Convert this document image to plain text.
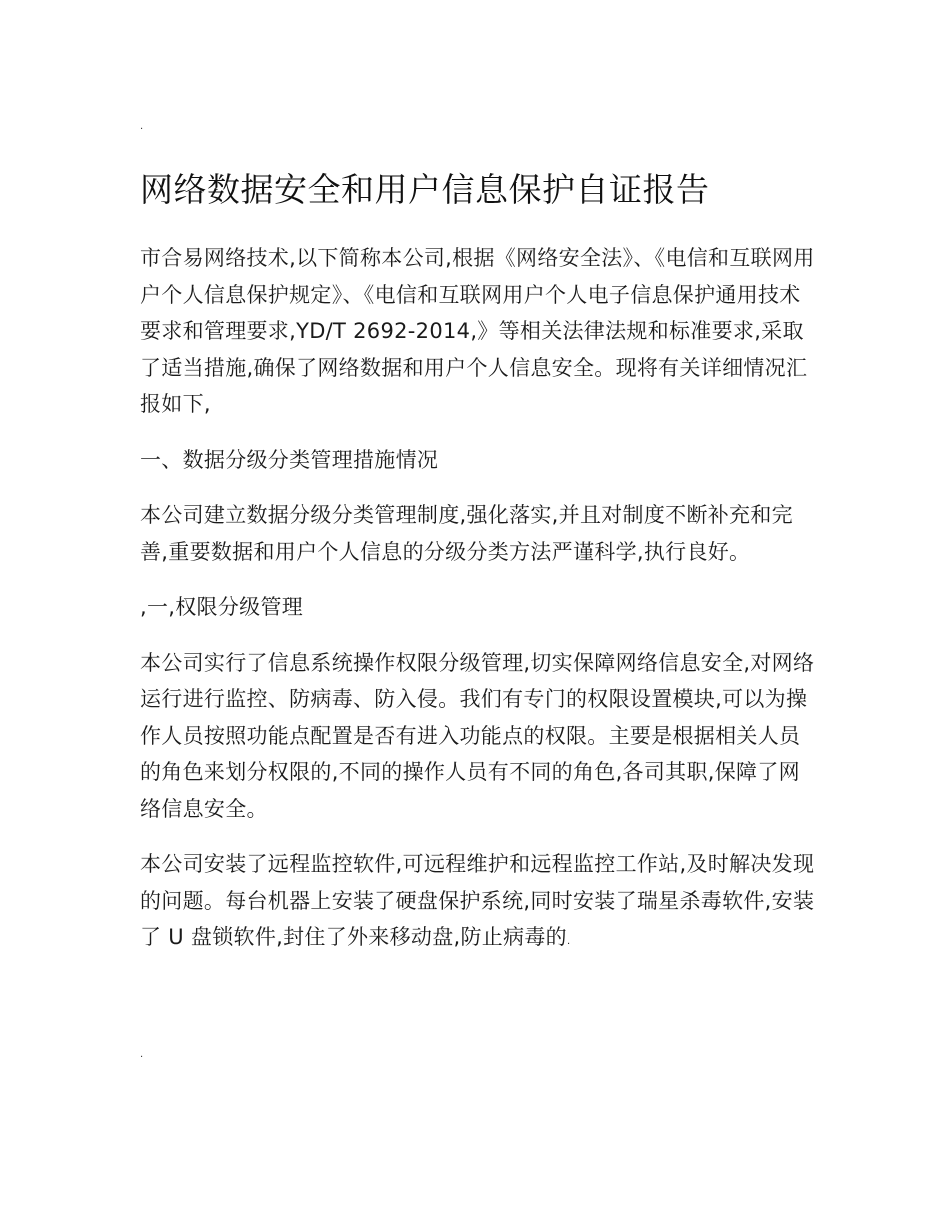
.
网络数据安全和用户信息保护自证报告

市合易网络技术,以下简称本公司,根据《网络安全法》、《电信和互联网用户个人信息保护规定》、《电信和互联网用户个人电子信息保护通用技术要求和管理要求,YD/T 2692-2014,》等相关法律法规和标准要求,采取了适当措施,确保了网络数据和用户个人信息安全。现将有关详细情况汇报如下,

一、数据分级分类管理措施情况

本公司建立数据分级分类管理制度,强化落实,并且对制度不断补充和完善,重要数据和用户个人信息的分级分类方法严谨科学,执行良好。

,一,权限分级管理

本公司实行了信息系统操作权限分级管理,切实保障网络信息安全,对网络运行进行监控、防病毒、防入侵。我们有专门的权限设置模块,可以为操作人员按照功能点配置是否有进入功能点的权限。主要是根据相关人员的角色来划分权限的,不同的操作人员有不同的角色,各司其职,保障了网络信息安全。

本公司安装了远程监控软件,可远程维护和远程监控工作站,及时解决发现的问题。每台机器上安装了硬盘保护系统,同时安装了瑞星杀毒软件,安装了 U 盘锁软件,封住了外来移动盘,防止病毒的.

.
